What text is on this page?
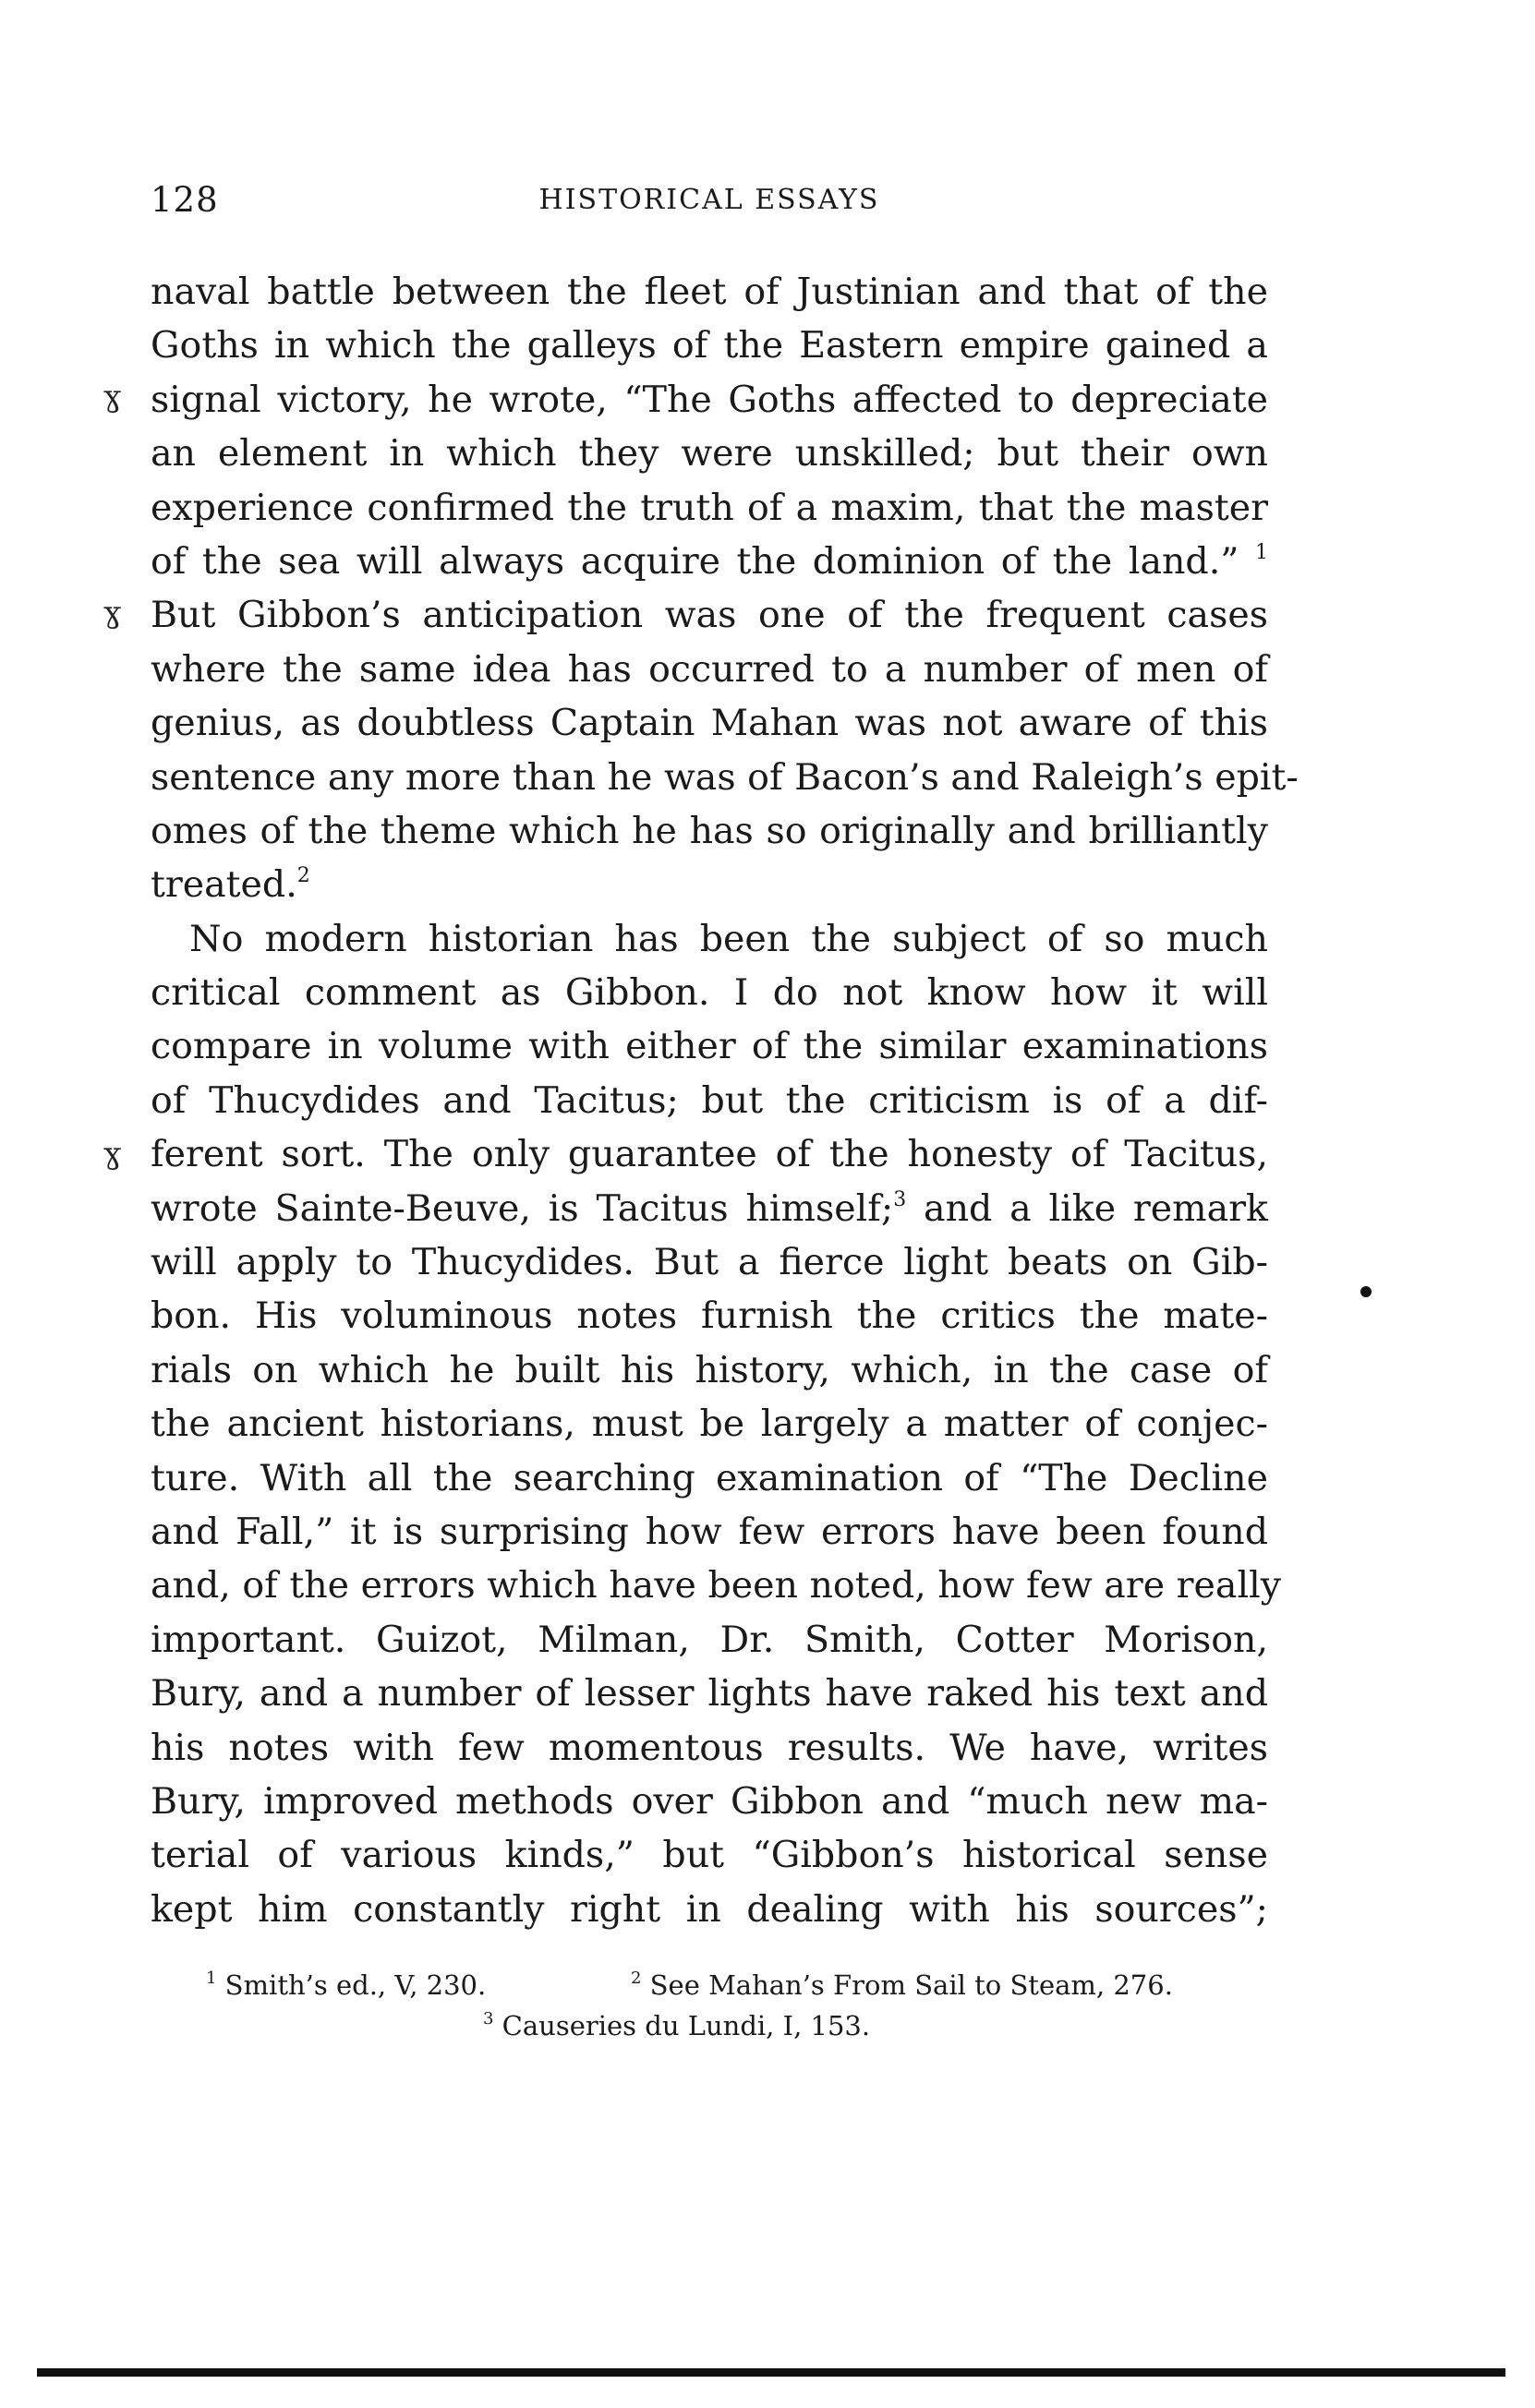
128	HISTORICAL ESSAYS
ɣ
ɣ
ɣ
naval battle between the fleet of Justinian and that of the
Goths in which the galleys of the Eastern empire gained a
signal victory, he wrote, “The Goths affected to depreciate
an element in which they were unskilled; but their own
experience confirmed the truth of a maxim, that the master
of the sea will always acquire the dominion of the land.” $^1$
But Gibbon’s anticipation was one of the frequent cases
where the same idea has occurred to a number of men of
genius, as doubtless Captain Mahan was not aware of this
sentence any more than he was of Bacon’s and Raleigh’s epit-
omes of the theme which he has so originally and brilliantly
treated.$^2$
No modern historian has been the subject of so much
critical comment as Gibbon. I do not know how it will
compare in volume with either of the similar examinations
of Thucydides and Tacitus; but the criticism is of a dif-
ferent sort. The only guarantee of the honesty of Tacitus,
wrote Sainte-Beuve, is Tacitus himself;$^3$ and a like remark
will apply to Thucydides. But a fierce light beats on Gib-
bon. His voluminous notes furnish the critics the mate-
rials on which he built his history, which, in the case of
the ancient historians, must be largely a matter of conjec-
ture. With all the searching examination of “The Decline
and Fall,” it is surprising how few errors have been found
and, of the errors which have been noted, how few are really
important. Guizot, Milman, Dr. Smith, Cotter Morison,
Bury, and a number of lesser lights have raked his text and
his notes with few momentous results. We have, writes
Bury, improved methods over Gibbon and “much new ma-
terial of various kinds,” but “Gibbon’s historical sense
kept him constantly right in dealing with his sources”;
$^1$ Smith’s ed., V, 230.	$^2$ See Mahan’s From Sail to Steam, 276.
$^3$ Causeries du Lundi, I, 153.
